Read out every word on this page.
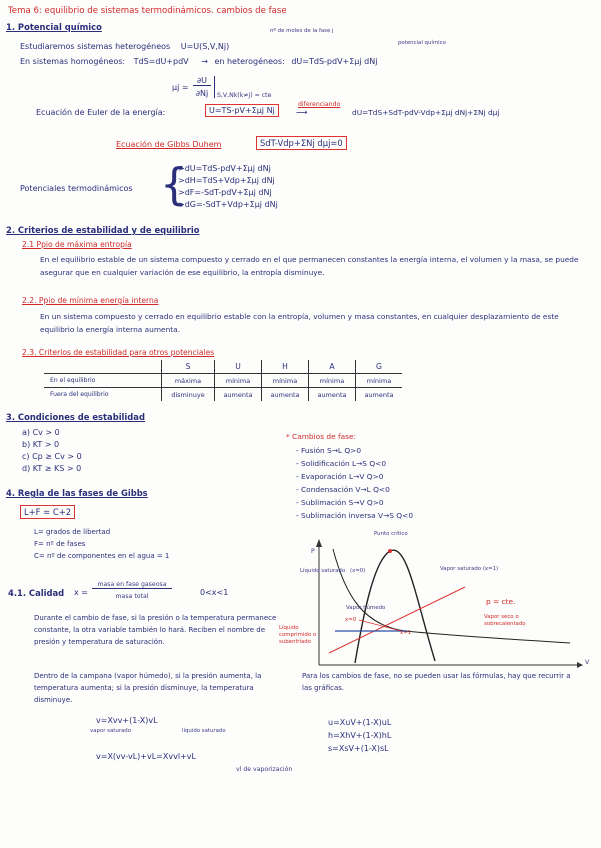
Tema 6: equilibrio de sistemas termodinámicos. cambios de fase
1. Potencial químico	nº de moles de la fase j
potencial químico
Estudiaremos sistemas heterogéneos U=U(S,V,Nj)
En sistemas homogéneos: TdS=dU+pdV → en heterogéneos: dU=TdS-pdV+Σμj dNj
μj =
∂U
∂Nj	S,V,Nk(k≠j) = cte
Ecuación de Euler de la energía:	U=TS-pV+Σμj Nj
diferenciando
⟶	dU=TdS+SdT-pdV-Vdp+Σμj dNj+ΣNj dμj
Ecuación de Gibbs Duhem	SdT-Vdp+ΣNj dμj=0
Potenciales termodinámicos {
>dU=TdS-pdV+Σμj dNj
>dH=TdS+Vdp+Σμj dNj
>dF=-SdT-pdV+Σμj dNj
>dG=-SdT+Vdp+Σμj dNj
2. Criterios de estabilidad y de equilibrio
2.1 Ppio de máxima entropía
En el equilibrio estable de un sistema compuesto y cerrado en el que permanecen constantes la energía interna, el volumen y la masa, se puede asegurar que en cualquier variación de ese equilibrio, la entropía disminuye.
2.2. Ppio de mínima energía interna
En un sistema compuesto y cerrado en equilibrio estable con la entropía, volumen y masa constantes, en cualquier desplazamiento de este equilibrio la energía interna aumenta.
2.3. Criterios de estabilidad para otros potenciales
	S	U	H	A	G
En el equilibrio	máxima	mínima	mínima	mínima	mínima
Fuera del equilibrio	disminuye	aumenta	aumenta	aumenta	aumenta
3. Condiciones de estabilidad
a) Cv > 0
b) KT > 0
c) Cp ≥ Cv > 0
d) KT ≥ KS > 0
* Cambios de fase:
- Fusión S→L Q>0
- Solidificación L→S Q<0
- Evaporación L→V Q>0
- Condensación V→L Q<0
- Sublimación S→V Q>0
- Sublimación inversa V→S Q<0
4. Regla de las fases de Gibbs
L+F = C+2
L= grados de libertad
F= nº de fases
C= nº de componentes en el agua = 1
4.1. Calidad x =
masa en fase gaseosa
masa total	0<x<1
Durante el cambio de fase, si la presión o la temperatura permanece constante, la otra variable también lo hará. Reciben el nombre de presión y temperatura de saturación.
Dentro de la campana (vapor húmedo), si la presión aumenta, la temperatura aumenta; si la presión disminuye, la temperatura disminuye.
Para los cambios de fase, no se pueden usar las fórmulas, hay que recurrir a las gráficas.
v=Xvv+(1-X)vL
vapor saturado	líquido saturado
v=X(vv-vL)+vL=Xvvl+vL
vl de vaporización
u=XuV+(1-X)uL
h=XhV+(1-X)hL
s=XsV+(1-X)sL
P
V
Punto crítico
Líquido saturado (x=0)	Vapor saturado (x=1)
Vapor húmedo
x=0
x=1
p = cte.
Vapor seco o sobrecalentado
Líquido comprimido o subenfriado
